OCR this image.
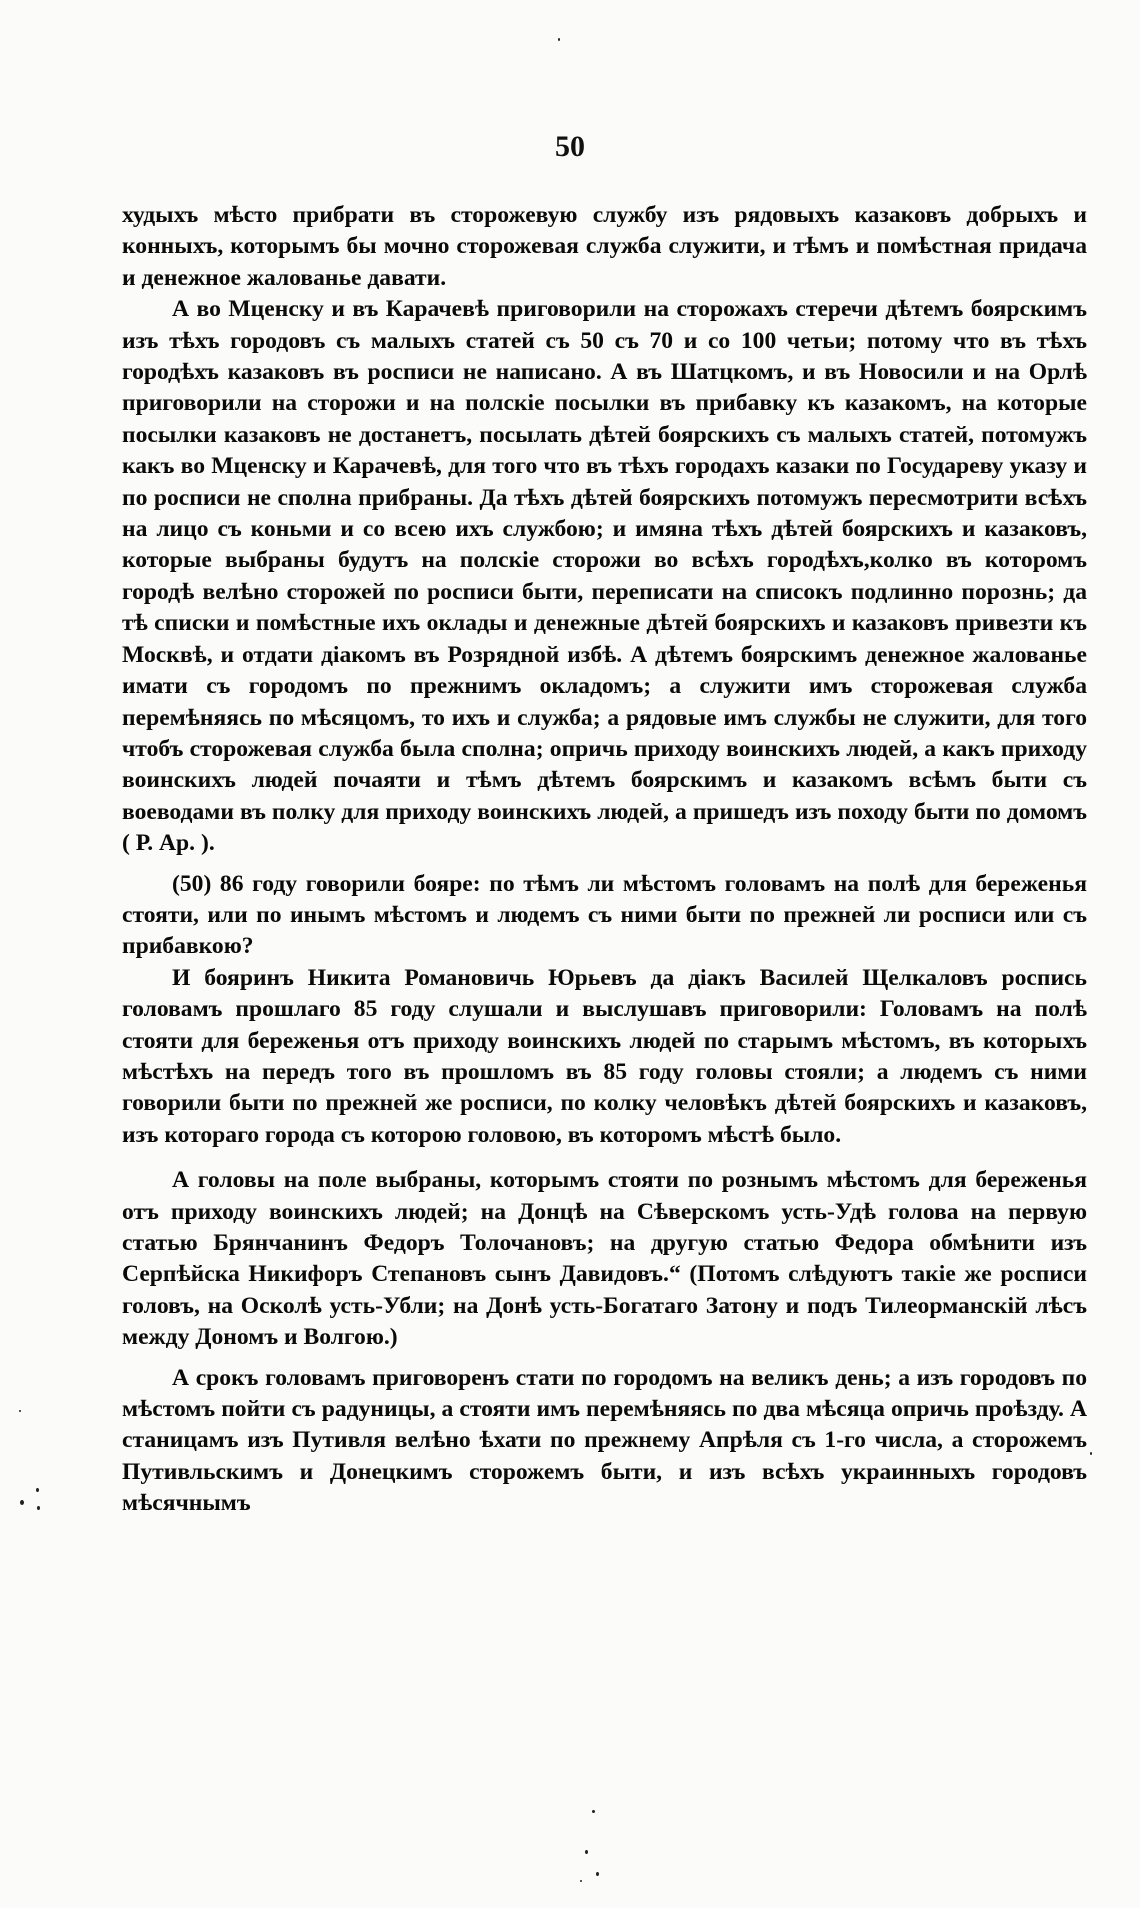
50

худыхъ мѣсто прибрати въ сторожевую службу изъ рядовыхъ казаковъ добрыхъ и конныхъ, которымъ бы мочно сторожевая служба служити, и тѣмъ и помѣстная придача и денежное жалованье давати.

А во Мценску и въ Карачевѣ приговорили на сторожахъ стеречи дѣтемъ боярскимъ изъ тѣхъ городовъ съ малыхъ статей съ 50 съ 70 и со 100 четьи; потому что въ тѣхъ городѣхъ казаковъ въ росписи не написано. А въ Шатцкомъ, и въ Новосили и на Орлѣ приговорили на сторожи и на полскіе посылки въ прибавку къ казакомъ, на которые посылки казаковъ не достанетъ, посылать дѣтей боярскихъ съ малыхъ статей, потомужъ какъ во Мценску и Карачевѣ, для того что въ тѣхъ городахъ казаки по Государеву указу и по росписи не сполна прибраны. Да тѣхъ дѣтей боярскихъ потомужъ пересмотрити всѣхъ на лицо съ коньми и со всею ихъ службою; и имяна тѣхъ дѣтей боярскихъ и казаковъ, которые выбраны будутъ на полскіе сторожи во всѣхъ городѣхъ,колко въ которомъ городѣ велѣно сторожей по росписи быти, переписати на списокъ подлинно порознь; да тѣ списки и помѣстные ихъ оклады и денежные дѣтей боярскихъ и казаковъ привезти къ Москвѣ, и отдати діакомъ въ Розрядной избѣ. А дѣтемъ боярскимъ денежное жалованье имати съ городомъ по прежнимъ окладомъ; а служити имъ сторожевая служба перемѣняясь по мѣсяцомъ, то ихъ и служба; а рядовые имъ службы не служити, для того чтобъ сторожевая служба была сполна; опричь приходу воинскихъ людей, а какъ приходу воинскихъ людей почаяти и тѣмъ дѣтемъ боярскимъ и казакомъ всѣмъ быти съ воеводами въ полку для приходу воинскихъ людей, а пришедъ изъ походу быти по домомъ ( Р. Ар. ).

(50) 86 году говорили бояре: по тѣмъ ли мѣстомъ головамъ на полѣ для береженья стояти, или по инымъ мѣстомъ и людемъ съ ними быти по прежней ли росписи или съ прибавкою?

И бояринъ Никита Романовичь Юрьевъ да діакъ Василей Щелкаловъ роспись головамъ прошлаго 85 году слушали и выслушавъ приговорили: Головамъ на полѣ стояти для береженья отъ приходу воинскихъ людей по старымъ мѣстомъ, въ которыхъ мѣстѣхъ на передъ того въ прошломъ въ 85 году головы стояли; а людемъ съ ними говорили быти по прежней же росписи, по колку человѣкъ дѣтей боярскихъ и казаковъ, изъ котораго города съ которою головою, въ которомъ мѣстѣ было.

А головы на поле выбраны, которымъ стояти по рознымъ мѣстомъ для береженья отъ приходу воинскихъ людей; на Донцѣ на Сѣверскомъ усть-Удѣ голова на первую статью Брянчанинъ Федоръ Толочановъ; на другую статью Федора обмѣнити изъ Серпѣйска Никифоръ Степановъ сынъ Давидовъ.“ (Потомъ слѣдуютъ такіе же росписи головъ, на Осколѣ усть-Убли; на Донѣ усть-Богатаго Затону и подъ Тилеорманскій лѣсъ между Дономъ и Волгою.)

А срокъ головамъ приговоренъ стати по городомъ на великъ день; а изъ городовъ по мѣстомъ пойти съ радуницы, а стояти имъ перемѣняясь по два мѣсяца опричь проѣзду. А станицамъ изъ Путивля велѣно ѣхати по прежнему Апрѣля съ 1-го числа, а сторожемъ Путивльскимъ и Донецкимъ сторожемъ быти, и изъ всѣхъ украинныхъ городовъ мѣсячнымъ
